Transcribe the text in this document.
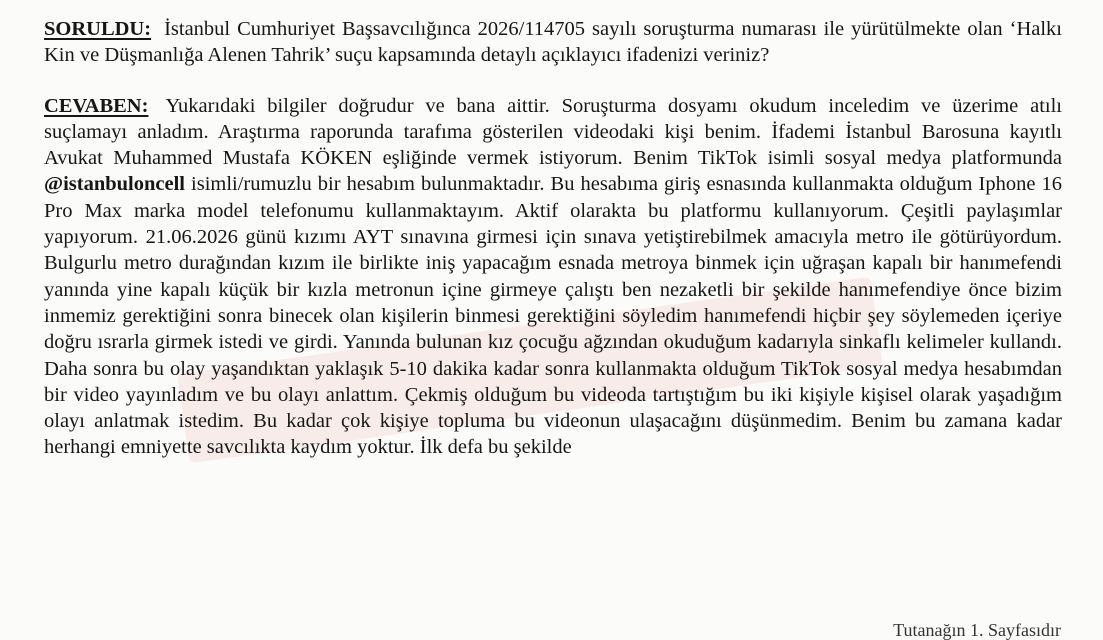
SORULDU: İstanbul Cumhuriyet Başsavcılığınca 2026/114705 sayılı soruşturma numarası ile yürütülmekte olan ‘Halkı Kin ve Düşmanlığa Alenen Tahrik’ suçu kapsamında detaylı açıklayıcı ifadenizi veriniz?

CEVABEN: Yukarıdaki bilgiler doğrudur ve bana aittir. Soruşturma dosyamı okudum inceledim ve üzerime atılı suçlamayı anladım. Araştırma raporunda tarafıma gösterilen videodaki kişi benim. İfademi İstanbul Barosuna kayıtlı Avukat Muhammed Mustafa KÖKEN eşliğinde vermek istiyorum. Benim TikTok isimli sosyal medya platformunda @istanbuloncell isimli/rumuzlu bir hesabım bulunmaktadır. Bu hesabıma giriş esnasında kullanmakta olduğum Iphone 16 Pro Max marka model telefonumu kullanmaktayım. Aktif olarakta bu platformu kullanıyorum. Çeşitli paylaşımlar yapıyorum. 21.06.2026 günü kızımı AYT sınavına girmesi için sınava yetiştirebilmek amacıyla metro ile götürüyordum. Bulgurlu metro durağından kızım ile birlikte iniş yapacağım esnada metroya binmek için uğraşan kapalı bir hanımefendi yanında yine kapalı küçük bir kızla metronun içine girmeye çalıştı ben nezaketli bir şekilde hanımefendiye önce bizim inmemiz gerektiğini sonra binecek olan kişilerin binmesi gerektiğini söyledim hanımefendi hiçbir şey söylemeden içeriye doğru ısrarla girmek istedi ve girdi. Yanında bulunan kız çocuğu ağzından okuduğum kadarıyla sinkaflı kelimeler kullandı. Daha sonra bu olay yaşandıktan yaklaşık 5-10 dakika kadar sonra kullanmakta olduğum TikTok sosyal medya hesabımdan bir video yayınladım ve bu olayı anlattım. Çekmiş olduğum bu videoda tartıştığım bu iki kişiyle kişisel olarak yaşadığım olayı anlatmak istedim. Bu kadar çok kişiye topluma bu videonun ulaşacağını düşünmedim. Benim bu zamana kadar herhangi emniyette savcılıkta kaydım yoktur. İlk defa bu şekilde

Tutanağın 1. Sayfasıdır
